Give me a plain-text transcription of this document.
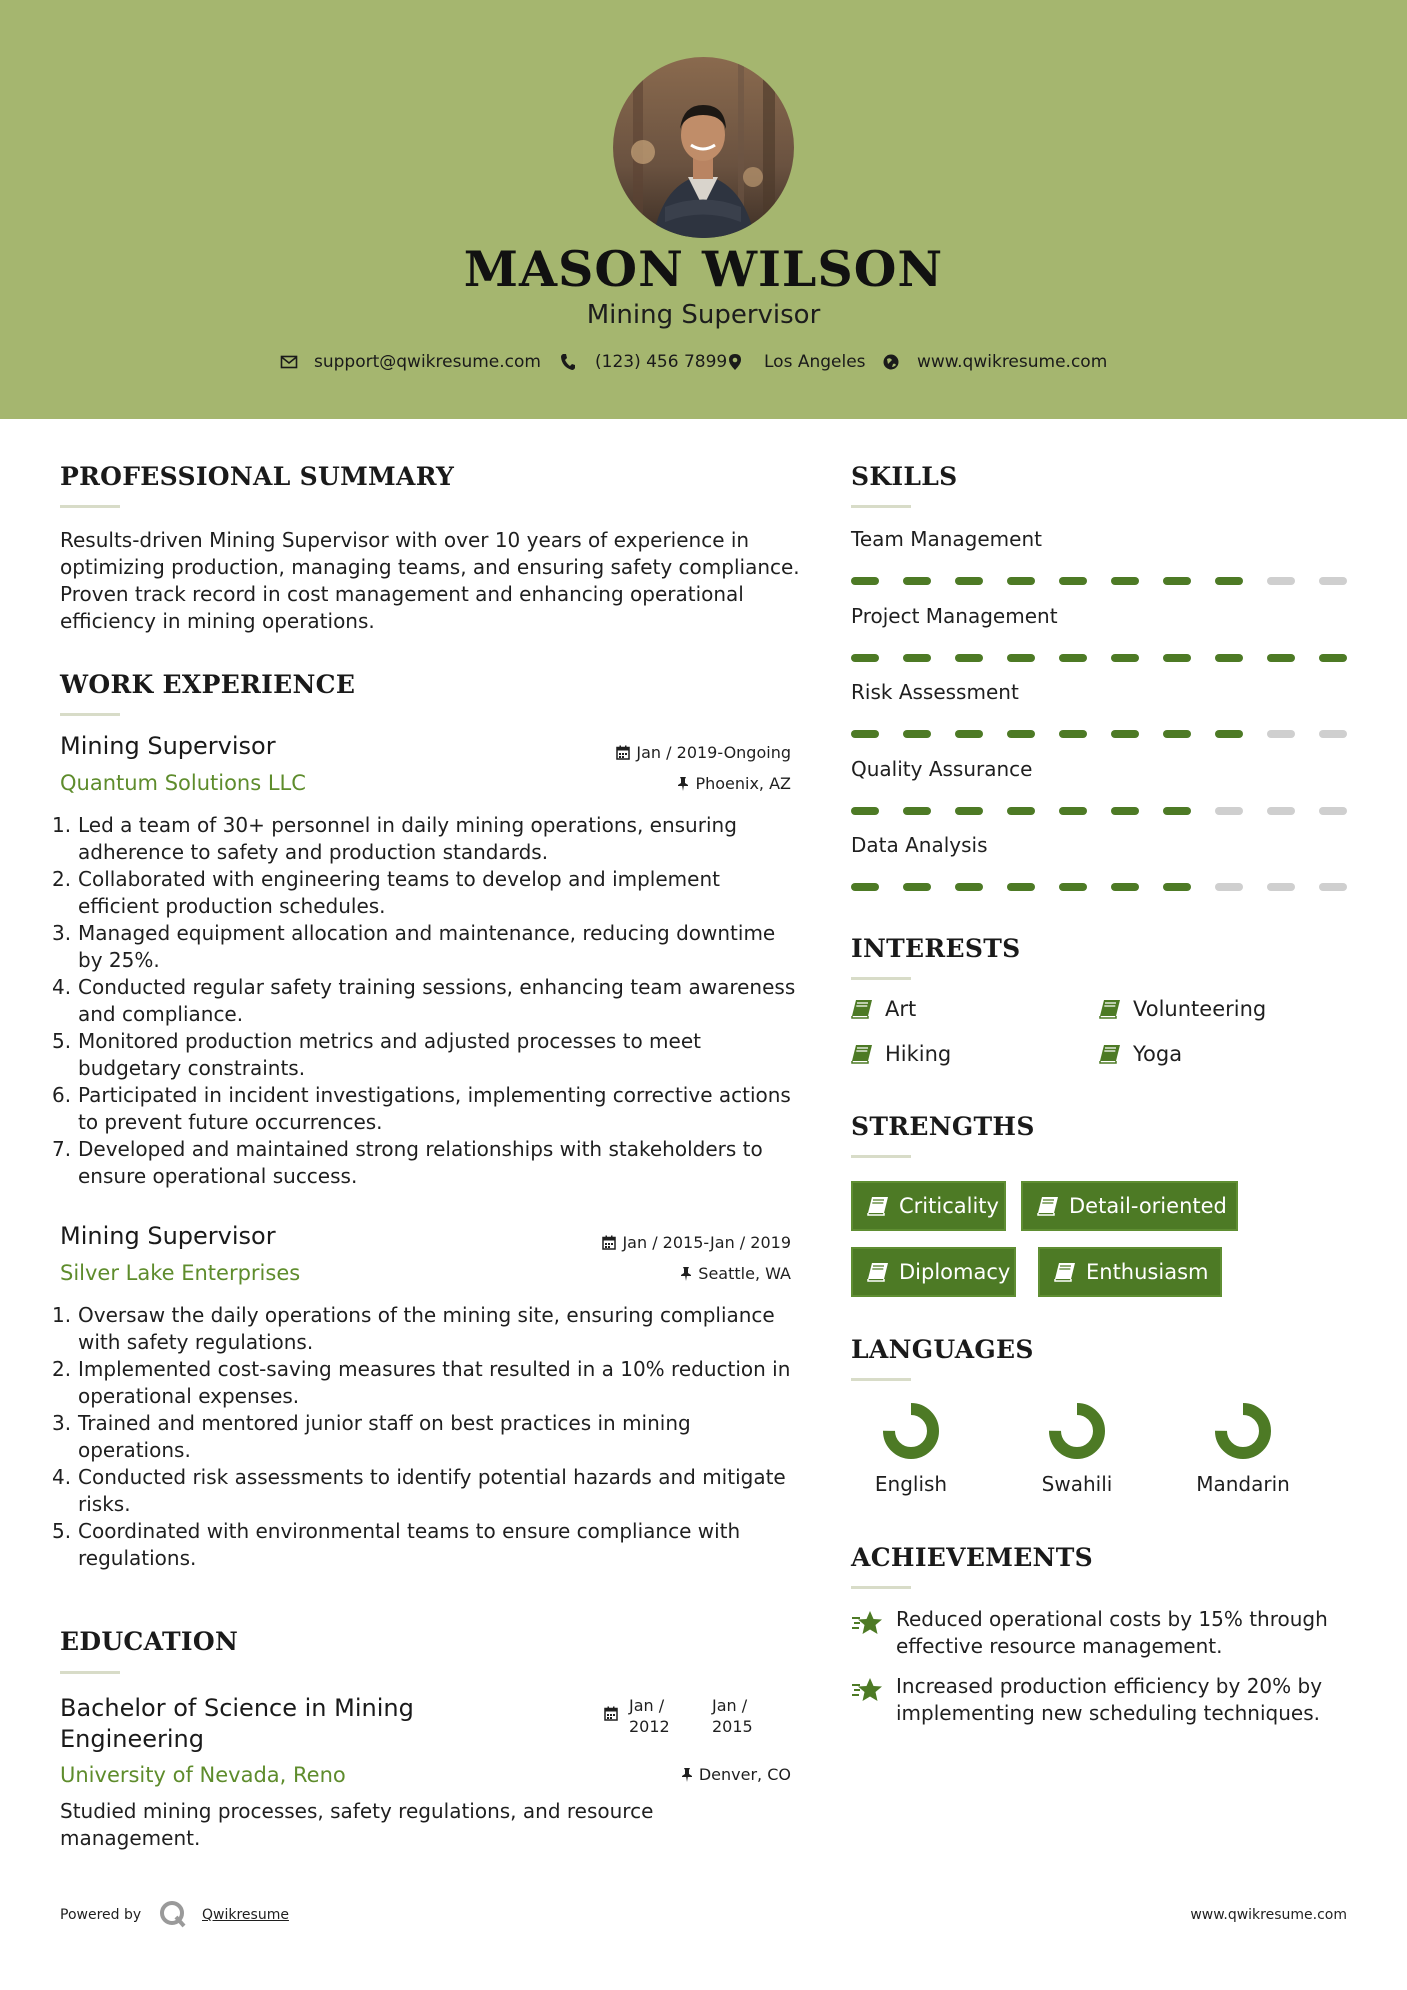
MASON WILSON
Mining Supervisor
support@qwikresume.com	(123) 456 7899 Los Angeles	www.qwikresume.com
PROFESSIONAL SUMMARY
Results-driven Mining Supervisor with over 10 years of experience in optimizing production, managing teams, and ensuring safety compliance. Proven track record in cost management and enhancing operational efficiency in mining operations.
WORK EXPERIENCE
Mining Supervisor
Quantum Solutions LLC
Jan / 2019-Ongoing
Phoenix, AZ
1. Led a team of 30+ personnel in daily mining operations, ensuring adherence to safety and production standards.
2. Collaborated with engineering teams to develop and implement efficient production schedules.
3. Managed equipment allocation and maintenance, reducing downtime by 25%.
4. Conducted regular safety training sessions, enhancing team awareness and compliance.
5. Monitored production metrics and adjusted processes to meet budgetary constraints.
6. Participated in incident investigations, implementing corrective actions to prevent future occurrences.
7. Developed and maintained strong relationships with stakeholders to ensure operational success.
Mining Supervisor
Silver Lake Enterprises
Jan / 2015-Jan / 2019
Seattle, WA
1. Oversaw the daily operations of the mining site, ensuring compliance with safety regulations.
2. Implemented cost-saving measures that resulted in a 10% reduction in operational expenses.
3. Trained and mentored junior staff on best practices in mining operations.
4. Conducted risk assessments to identify potential hazards and mitigate risks.
5. Coordinated with environmental teams to ensure compliance with regulations.
EDUCATION
Bachelor of Science in Mining Engineering
Jan / 2012
Jan / 2015
University of Nevada, Reno	Denver, CO
Studied mining processes, safety regulations, and resource management.
SKILLS
Team Management
Project Management
Risk Assessment
Quality Assurance
Data Analysis
INTERESTS
Art	Volunteering
Hiking	Yoga
STRENGTHS
Criticality	Detail-oriented
Diplomacy	Enthusiasm
LANGUAGES
English	Swahili	Mandarin
ACHIEVEMENTS
Reduced operational costs by 15% through effective resource management.
Increased production efficiency by 20% by implementing new scheduling techniques.
Powered by	Qwikresume	www.qwikresume.com
